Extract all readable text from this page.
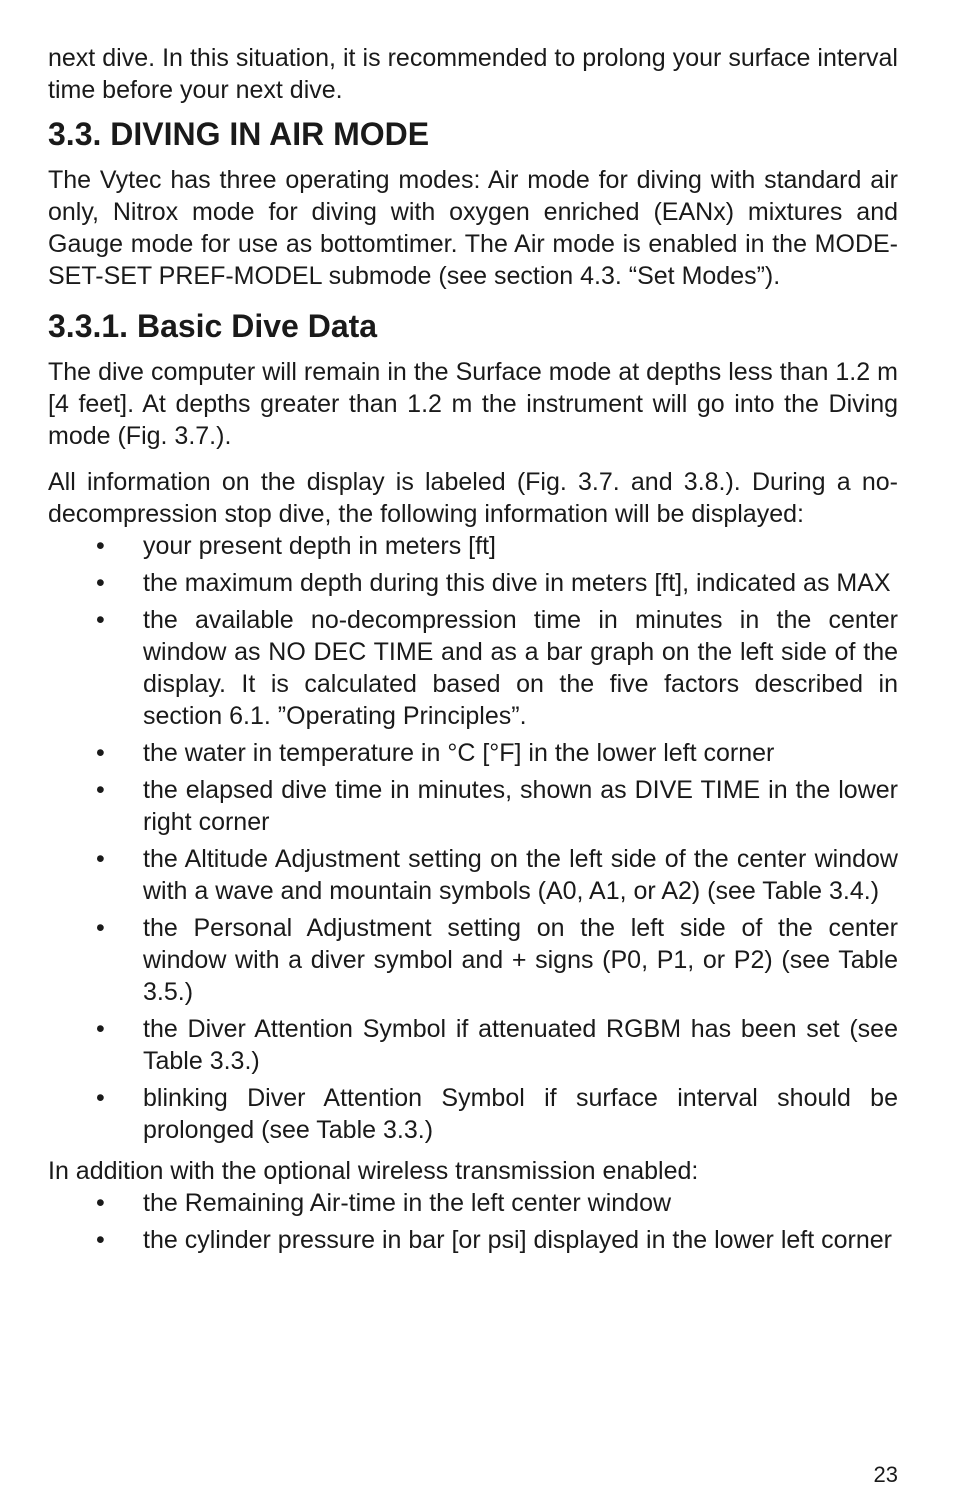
next dive. In this situation, it is recommended to prolong your surface interval time before your next dive.

3.3. DIVING IN AIR MODE

The Vytec has three operating modes: Air mode for diving with standard air only, Nitrox mode for diving with oxygen enriched (EANx) mixtures and Gauge mode for use as bottomtimer. The Air mode is enabled in the MODE-SET-SET PREF-MODEL submode (see section 4.3. “Set Modes”).

3.3.1. Basic Dive Data

The dive computer will remain in the Surface mode at depths less than 1.2 m [4 feet]. At depths greater than 1.2 m the instrument will go into the Diving mode (Fig. 3.7.).

All information on the display is labeled (Fig. 3.7. and 3.8.). During a no-decompression stop dive, the following information will be displayed:

• your present depth in meters [ft]
• the maximum depth during this dive in meters [ft], indicated as MAX
• the available no-decompression time in minutes in the center window as NO DEC TIME and as a bar graph on the left side of the display. It is calculated based on the five factors described in section 6.1. ”Operating Principles”.
• the water in temperature in °C [°F] in the lower left corner
• the elapsed dive time in minutes, shown as DIVE TIME in the lower right corner
• the Altitude Adjustment setting on the left side of the center window with a wave and mountain symbols (A0, A1, or A2) (see Table 3.4.)
• the Personal Adjustment setting on the left side of the center window with a diver symbol and + signs (P0, P1, or P2) (see Table 3.5.)
• the Diver Attention Symbol if attenuated RGBM has been set (see Table 3.3.)
• blinking Diver Attention Symbol if surface interval should be prolonged (see Table 3.3.)

In addition with the optional wireless transmission enabled:

• the Remaining Air-time in the left center window
• the cylinder pressure in bar [or psi] displayed in the lower left corner
23
